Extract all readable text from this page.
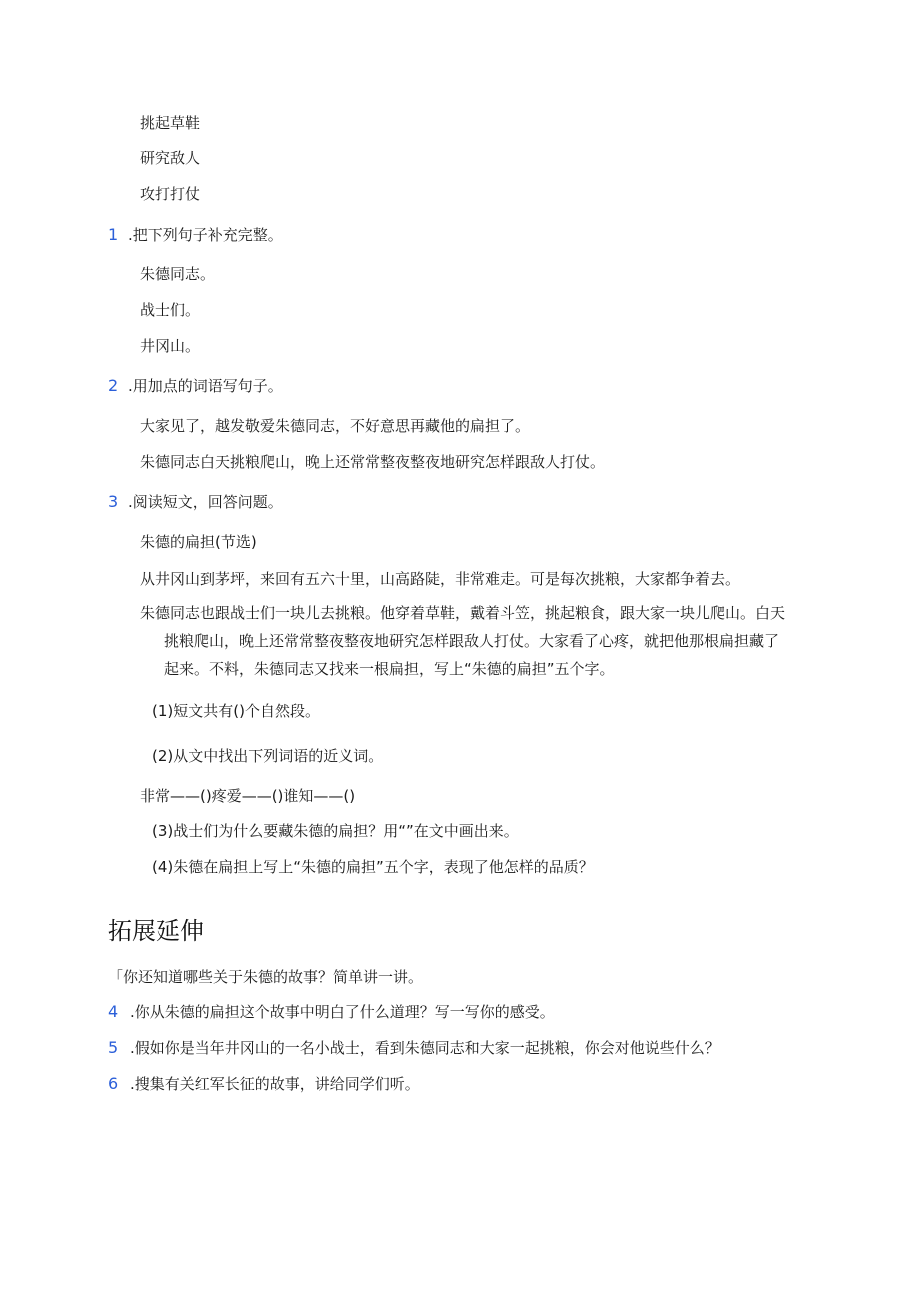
挑起草鞋
研究敌人
攻打打仗
1 .把下列句子补充完整。
朱德同志。
战士们。
井冈山。
2 .用加点的词语写句子。
大家见了，越发敬爱朱德同志，不好意思再藏他的扁担了。
朱德同志白天挑粮爬山，晚上还常常整夜整夜地研究怎样跟敌人打仗。
3 .阅读短文，回答问题。
朱德的扁担(节选)
从井冈山到茅坪，来回有五六十里，山高路陡，非常难走。可是每次挑粮，大家都争着去。
朱德同志也跟战士们一块儿去挑粮。他穿着草鞋，戴着斗笠，挑起粮食，跟大家一块儿爬山。白天
挑粮爬山，晚上还常常整夜整夜地研究怎样跟敌人打仗。大家看了心疼，就把他那根扁担藏了
起来。不料，朱德同志又找来一根扁担，写上“朱德的扁担”五个字。
(1)短文共有()个自然段。
(2)从文中找出下列词语的近义词。
非常——()疼爱——()谁知——()
(3)战士们为什么要藏朱德的扁担？用“”在文中画出来。
(4)朱德在扁担上写上“朱德的扁担”五个字，表现了他怎样的品质？
拓展延伸
「你还知道哪些关于朱德的故事？简单讲一讲。
4 .你从朱德的扁担这个故事中明白了什么道理？写一写你的感受。
5 .假如你是当年井冈山的一名小战士，看到朱德同志和大家一起挑粮，你会对他说些什么？
6 .搜集有关红军长征的故事，讲给同学们听。
